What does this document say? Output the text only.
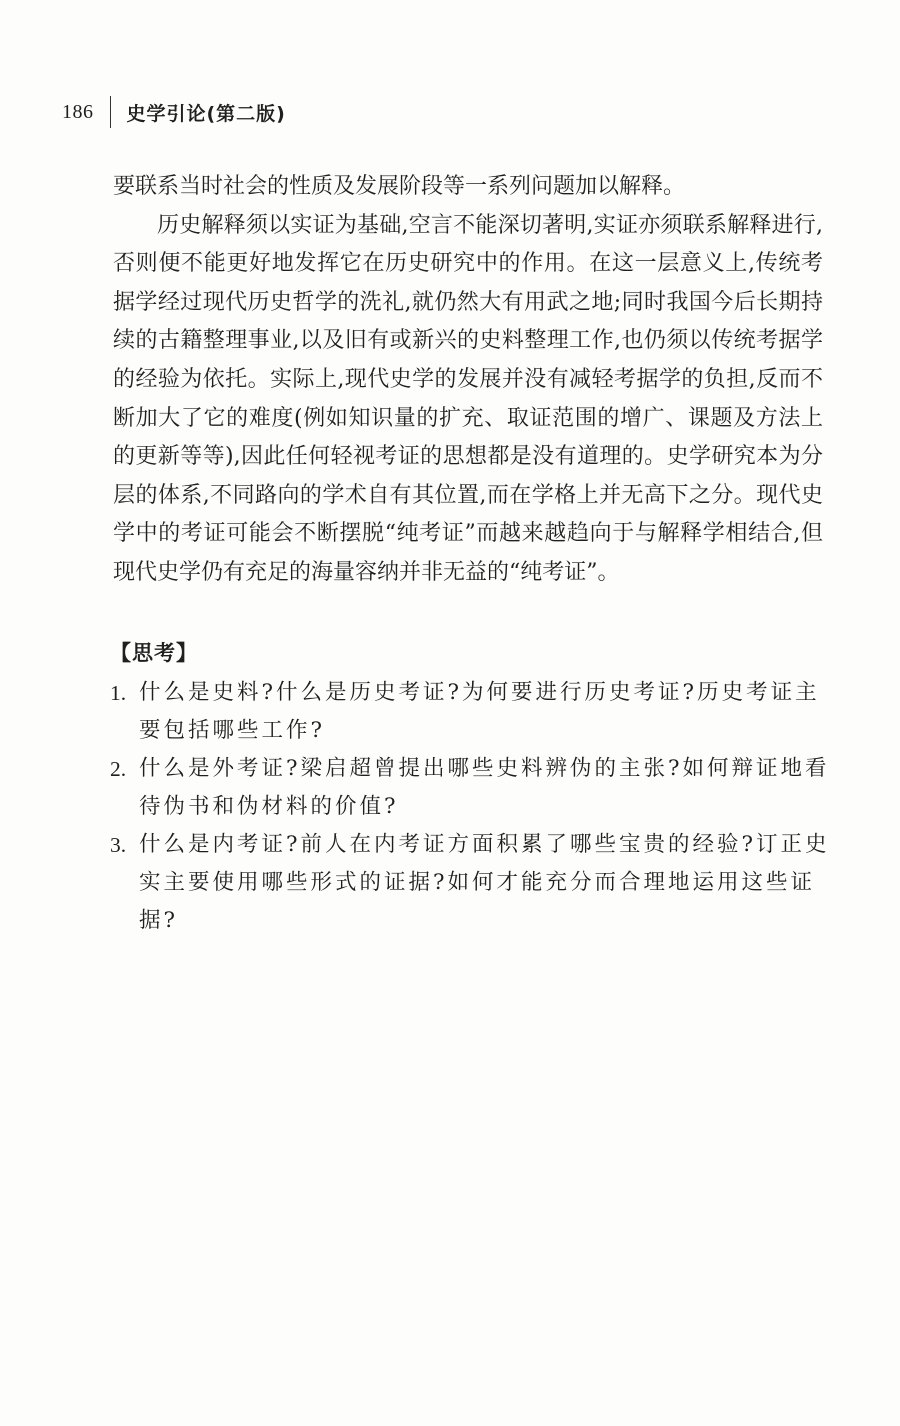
186 史学引论(第二版)

要联系当时社会的性质及发展阶段等一系列问题加以解释。

历史解释须以实证为基础,空言不能深切著明,实证亦须联系解释进行,否则便不能更好地发挥它在历史研究中的作用。在这一层意义上,传统考据学经过现代历史哲学的洗礼,就仍然大有用武之地;同时我国今后长期持续的古籍整理事业,以及旧有或新兴的史料整理工作,也仍须以传统考据学的经验为依托。实际上,现代史学的发展并没有减轻考据学的负担,反而不断加大了它的难度(例如知识量的扩充、取证范围的增广、课题及方法上的更新等等),因此任何轻视考证的思想都是没有道理的。史学研究本为分层的体系,不同路向的学术自有其位置,而在学格上并无高下之分。现代史学中的考证可能会不断摆脱“纯考证”而越来越趋向于与解释学相结合,但现代史学仍有充足的海量容纳并非无益的“纯考证”。

【思考】

1. 什么是史料?什么是历史考证?为何要进行历史考证?历史考证主要包括哪些工作?

2. 什么是外考证?梁启超曾提出哪些史料辨伪的主张?如何辩证地看待伪书和伪材料的价值?

3. 什么是内考证?前人在内考证方面积累了哪些宝贵的经验?订正史实主要使用哪些形式的证据?如何才能充分而合理地运用这些证据?
